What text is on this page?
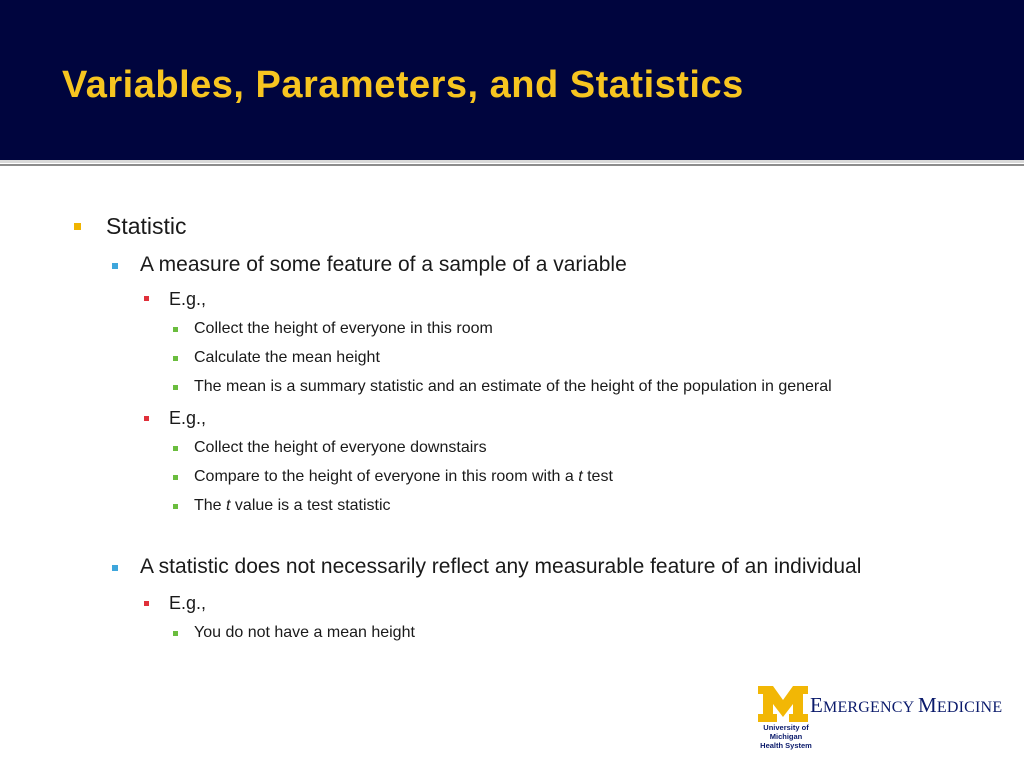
Variables, Parameters, and Statistics
Statistic
A measure of some feature of a sample of a variable
E.g.,
Collect the height of everyone in this room
Calculate the mean height
The mean is a summary statistic and an estimate of the height of the population in general
E.g.,
Collect the height of everyone downstairs
Compare to the height of everyone in this room with a t test
The t value is a test statistic
A statistic does not necessarily reflect any measurable feature of an individual
E.g.,
You do not have a mean height
EMERGENCY MEDICINE
University of Michigan
Health System
